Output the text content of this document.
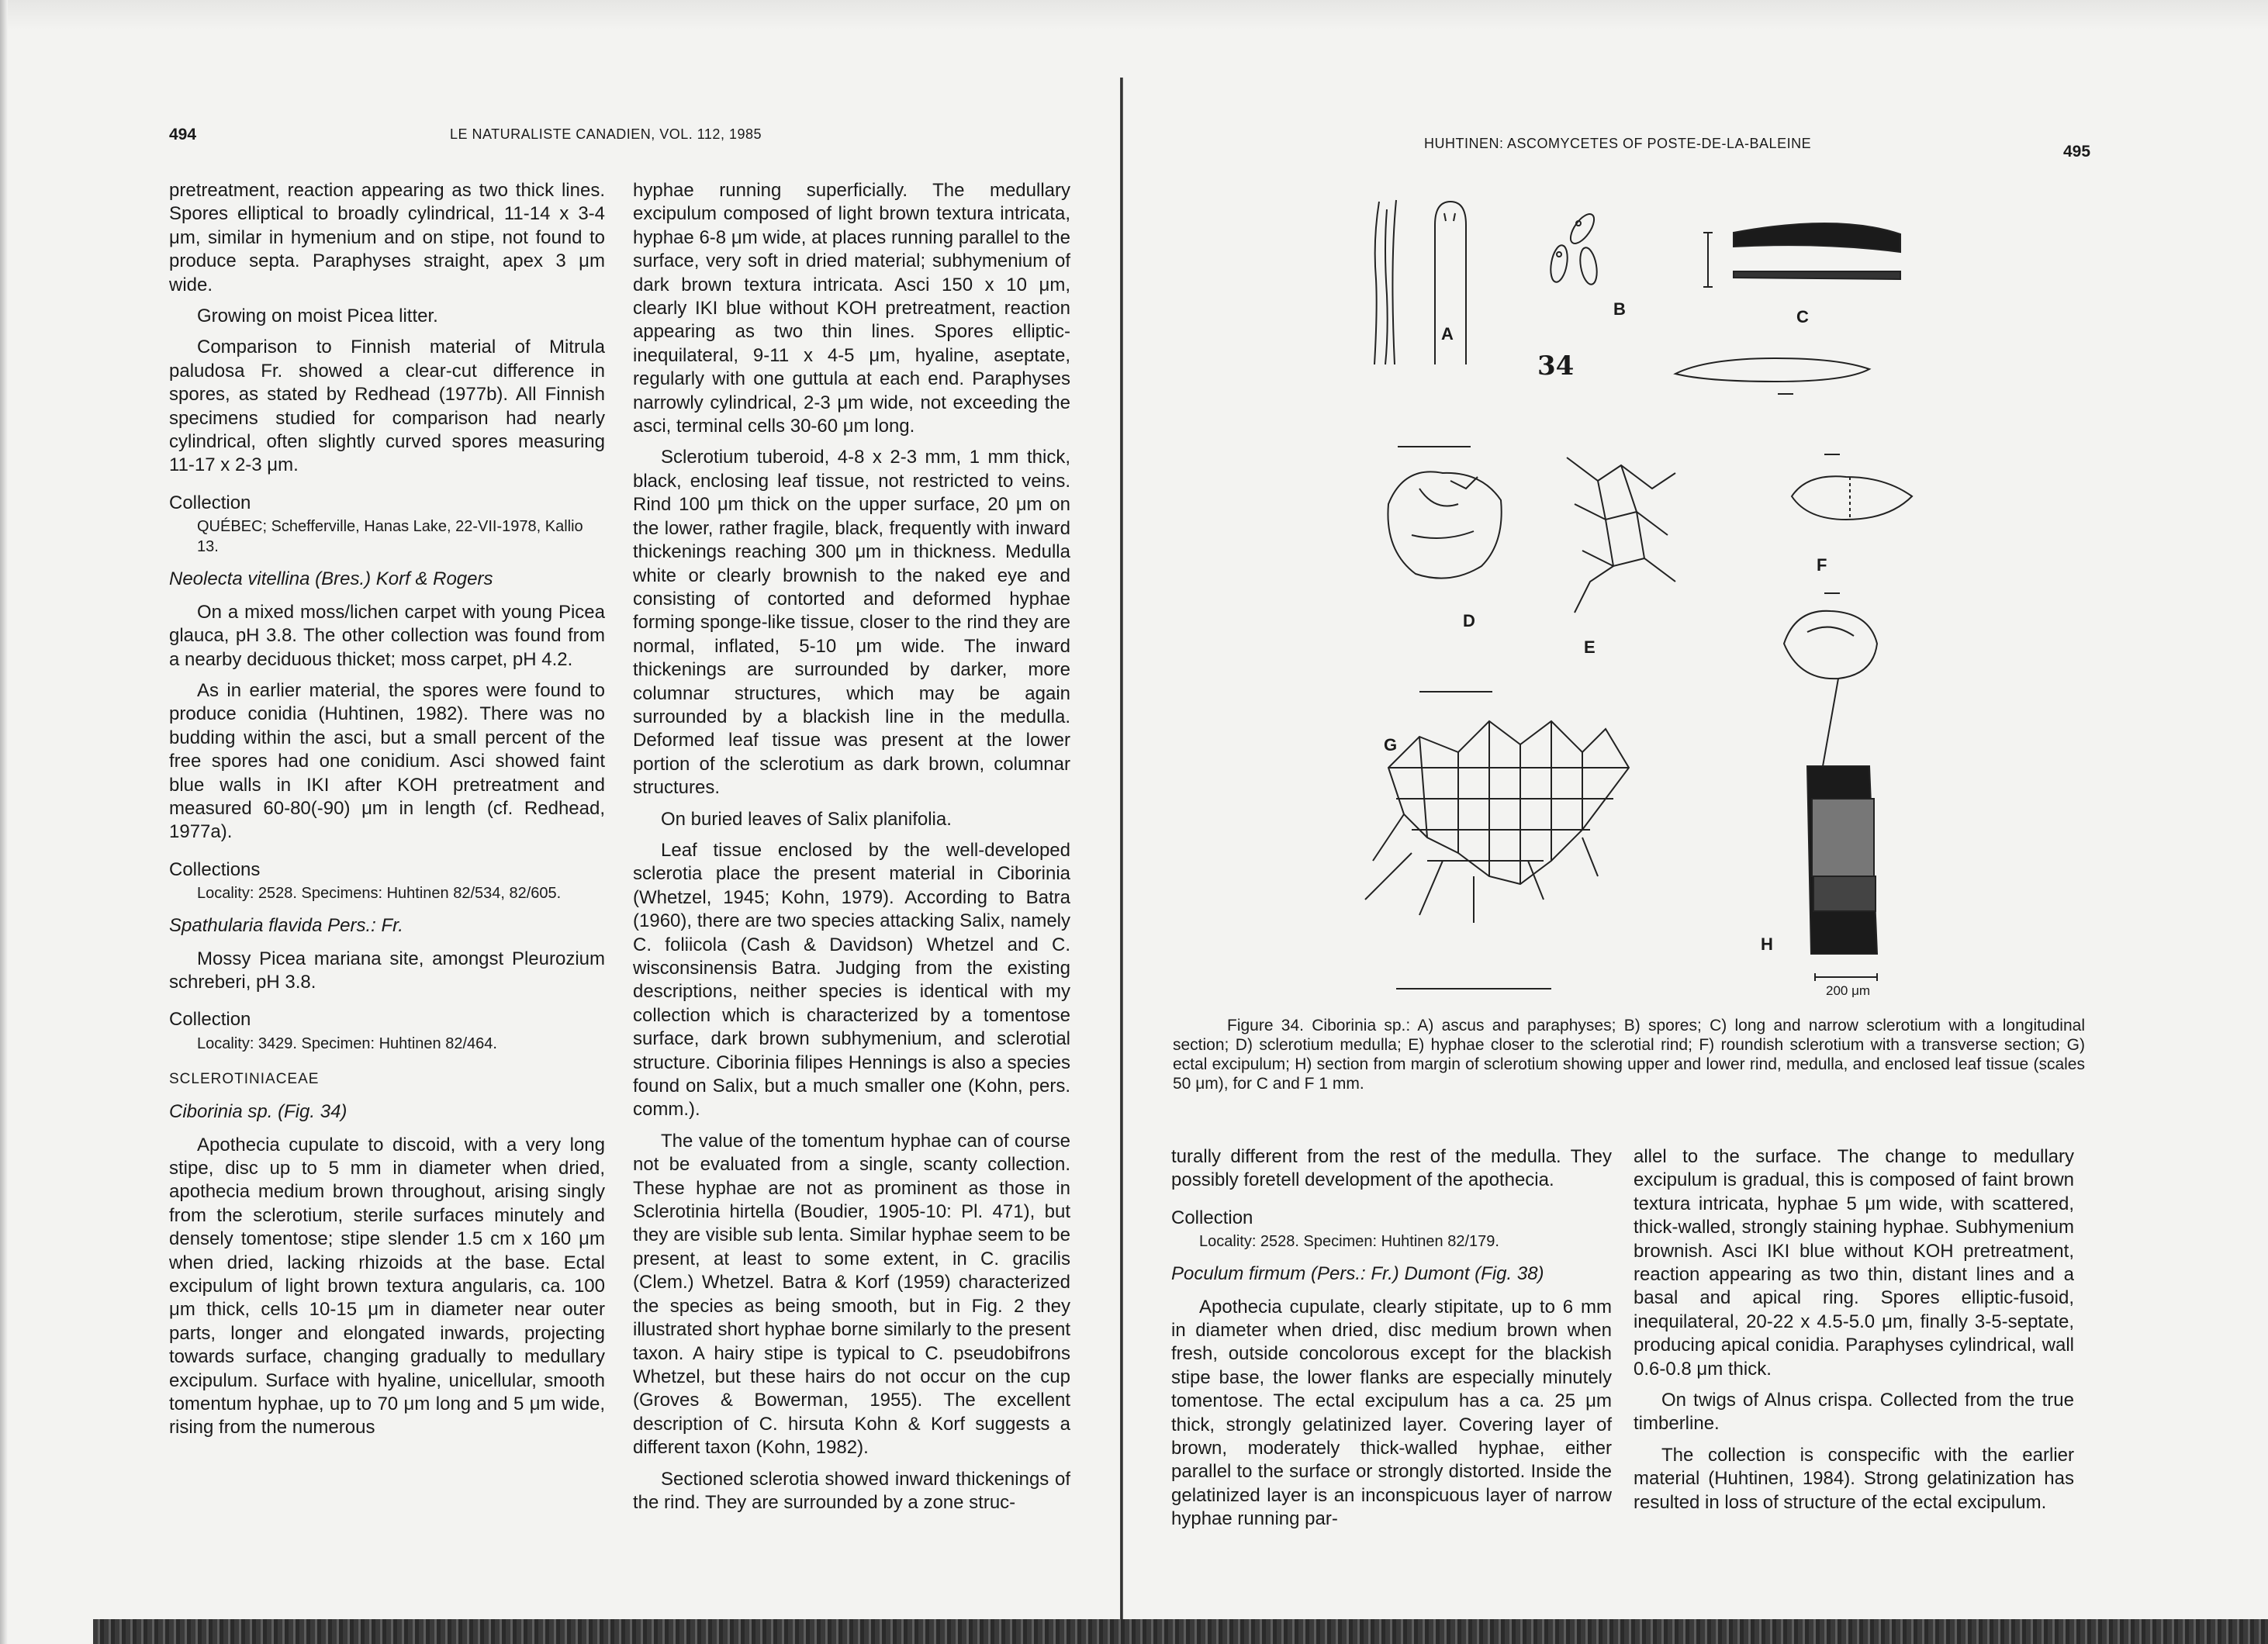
494	LE NATURALISTE CANADIEN, VOL. 112, 1985

pretreatment, reaction appearing as two thick lines. Spores elliptical to broadly cylindrical, 11-14 x 3-4 μm, similar in hymenium and on stipe, not found to produce septa. Paraphyses straight, apex 3 μm wide.

Growing on moist Picea litter.

Comparison to Finnish material of Mitrula paludosa Fr. showed a clear-cut difference in spores, as stated by Redhead (1977b). All Finnish specimens studied for comparison had nearly cylindrical, often slightly curved spores measuring 11-17 x 2-3 μm.

Collection

QUÉBEC; Schefferville, Hanas Lake, 22-VII-1978, Kallio 13.

Neolecta vitellina (Bres.) Korf & Rogers

On a mixed moss/lichen carpet with young Picea glauca, pH 3.8. The other collection was found from a nearby deciduous thicket; moss carpet, pH 4.2.

As in earlier material, the spores were found to produce conidia (Huhtinen, 1982). There was no budding within the asci, but a small percent of the free spores had one conidium. Asci showed faint blue walls in IKI after KOH pretreatment and measured 60-80(-90) μm in length (cf. Redhead, 1977a).

Collections

Locality: 2528. Specimens: Huhtinen 82/534, 82/605.

Spathularia flavida Pers.: Fr.

Mossy Picea mariana site, amongst Pleurozium schreberi, pH 3.8.

Collection

Locality: 3429. Specimen: Huhtinen 82/464.

SCLEROTINIACEAE

Ciborinia sp. (Fig. 34)

Apothecia cupulate to discoid, with a very long stipe, disc up to 5 mm in diameter when dried, apothecia medium brown throughout, arising singly from the sclerotium, sterile surfaces minutely and densely tomentose; stipe slender 1.5 cm x 160 μm when dried, lacking rhizoids at the base. Ectal excipulum of light brown textura angularis, ca. 100 μm thick, cells 10-15 μm in diameter near outer parts, longer and elongated inwards, projecting towards surface, changing gradually to medullary excipulum. Surface with hyaline, unicellular, smooth tomentum hyphae, up to 70 μm long and 5 μm wide, rising from the numerous

hyphae running superficially. The medullary excipulum composed of light brown textura intricata, hyphae 6-8 μm wide, at places running parallel to the surface, very soft in dried material; subhymenium of dark brown textura intricata. Asci 150 x 10 μm, clearly IKI blue without KOH pretreatment, reaction appearing as two thin lines. Spores elliptic-inequilateral, 9-11 x 4-5 μm, hyaline, aseptate, regularly with one guttula at each end. Paraphyses narrowly cylindrical, 2-3 μm wide, not exceeding the asci, terminal cells 30-60 μm long.

Sclerotium tuberoid, 4-8 x 2-3 mm, 1 mm thick, black, enclosing leaf tissue, not restricted to veins. Rind 100 μm thick on the upper surface, 20 μm on the lower, rather fragile, black, frequently with inward thickenings reaching 300 μm in thickness. Medulla white or clearly brownish to the naked eye and consisting of contorted and deformed hyphae forming sponge-like tissue, closer to the rind they are normal, inflated, 5-10 μm wide. The inward thickenings are surrounded by darker, more columnar structures, which may be again surrounded by a blackish line in the medulla. Deformed leaf tissue was present at the lower portion of the sclerotium as dark brown, columnar structures.

On buried leaves of Salix planifolia.

Leaf tissue enclosed by the well-developed sclerotia place the present material in Ciborinia (Whetzel, 1945; Kohn, 1979). According to Batra (1960), there are two species attacking Salix, namely C. foliicola (Cash & Davidson) Whetzel and C. wisconsinensis Batra. Judging from the existing descriptions, neither species is identical with my collection which is characterized by a tomentose surface, dark brown subhymenium, and sclerotial structure. Ciborinia filipes Hennings is also a species found on Salix, but a much smaller one (Kohn, pers. comm.).

The value of the tomentum hyphae can of course not be evaluated from a single, scanty collection. These hyphae are not as prominent as those in Sclerotinia hirtella (Boudier, 1905-10: Pl. 471), but they are visible sub lenta. Similar hyphae seem to be present, at least to some extent, in C. gracilis (Clem.) Whetzel. Batra & Korf (1959) characterized the species as being smooth, but in Fig. 2 they illustrated short hyphae borne similarly to the present taxon. A hairy stipe is typical to C. pseudobifrons Whetzel, but these hairs do not occur on the cup (Groves & Bowerman, 1955). The excellent description of C. hirsuta Kohn & Korf suggests a different taxon (Kohn, 1982).

Sectioned sclerotia showed inward thickenings of the rind. They are surrounded by a zone struc-

HUHTINEN: ASCOMYCETES OF POSTE-DE-LA-BALEINE	495
A
B	C
34
D
E
F
G
H
200 μm
Figure 34. Ciborinia sp.: A) ascus and paraphyses; B) spores; C) long and narrow sclerotium with a longitudinal section; D) sclerotium medulla; E) hyphae closer to the sclerotial rind; F) roundish sclerotium with a transverse section; G) ectal excipulum; H) section from margin of sclerotium showing upper and lower rind, medulla, and enclosed leaf tissue (scales 50 μm), for C and F 1 mm.

turally different from the rest of the medulla. They possibly foretell development of the apothecia.

Collection

Locality: 2528. Specimen: Huhtinen 82/179.

Poculum firmum (Pers.: Fr.) Dumont (Fig. 38)

Apothecia cupulate, clearly stipitate, up to 6 mm in diameter when dried, disc medium brown when fresh, outside concolorous except for the blackish stipe base, the lower flanks are especially minutely tomentose. The ectal excipulum has a ca. 25 μm thick, strongly gelatinized layer. Covering layer of brown, moderately thick-walled hyphae, either parallel to the surface or strongly distorted. Inside the gelatinized layer is an inconspicuous layer of narrow hyphae running par-

allel to the surface. The change to medullary excipulum is gradual, this is composed of faint brown textura intricata, hyphae 5 μm wide, with scattered, thick-walled, strongly staining hyphae. Subhymenium brownish. Asci IKI blue without KOH pretreatment, reaction appearing as two thin, distant lines and a basal and apical ring. Spores elliptic-fusoid, inequilateral, 20-22 x 4.5-5.0 μm, finally 3-5-septate, producing apical conidia. Paraphyses cylindrical, wall 0.6-0.8 μm thick.

On twigs of Alnus crispa. Collected from the true timberline.

The collection is conspecific with the earlier material (Huhtinen, 1984). Strong gelatinization has resulted in loss of structure of the ectal excipulum.
